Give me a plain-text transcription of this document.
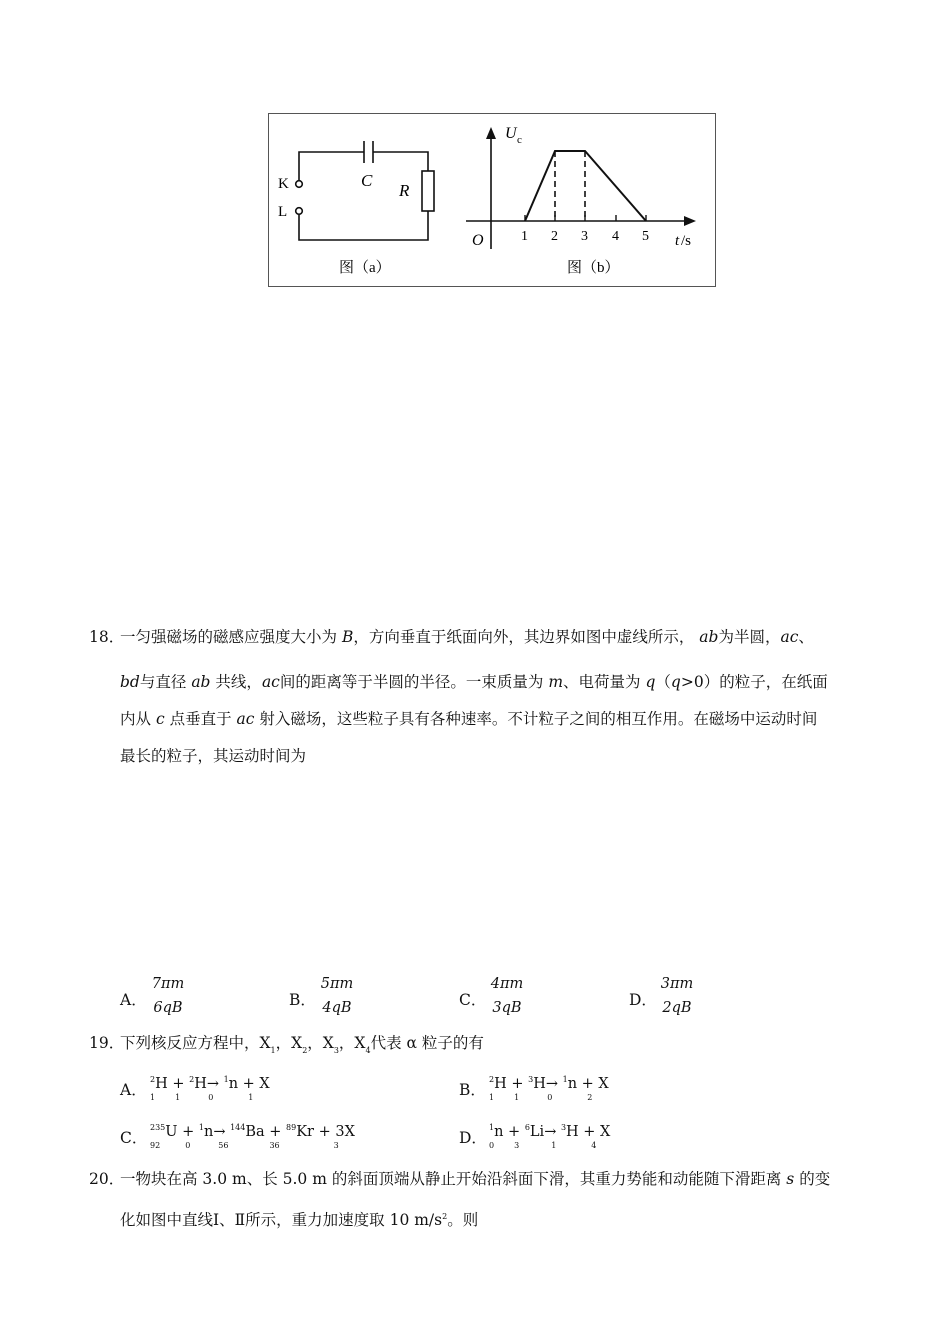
K
L
C
R
图（a）
U c
O	1 2 3 4 5 t /s
图（b）
18．
一匀强磁场的磁感应强度大小为 B，方向垂直于纸面向外，其边界如图中虚线所示， ab为半圆，ac、
bd与直径 ab 共线，ac间的距离等于半圆的半径。一束质量为 m、电荷量为 q（q>0）的粒子，在纸面
内从 c 点垂直于 ac 射入磁场，这些粒子具有各种速率。不计粒子之间的相互作用。在磁场中运动时间
最长的粒子，其运动时间为
A．
7πm
6qB	B．
5πm
4qB	C．
4πm
3qB	D．
3πm
2qB
19．
下列核反应方程中，$X_1$，$X_2$，$X_3$，$X_4$代表 α 粒子的有
A．
$^2$H + $^2$H→ $^1$n + X
1	1	0	1	B．
$^2$H + $^3$H→ $^1$n + X
1	1	0	2
C．
$^{235}$U + $^1$n→ $^{144}$Ba + $^{89}$Kr + 3X
92	0	56	36	3	D．
$^1$n + $^6$Li→ $^3$H + X
0	3	1	4
20．
一物块在高 3.0 m、长 5.0 m 的斜面顶端从静止开始沿斜面下滑，其重力势能和动能随下滑距离 s 的变
化如图中直线Ⅰ、Ⅱ所示，重力加速度取 10 $m/s^2$。则
